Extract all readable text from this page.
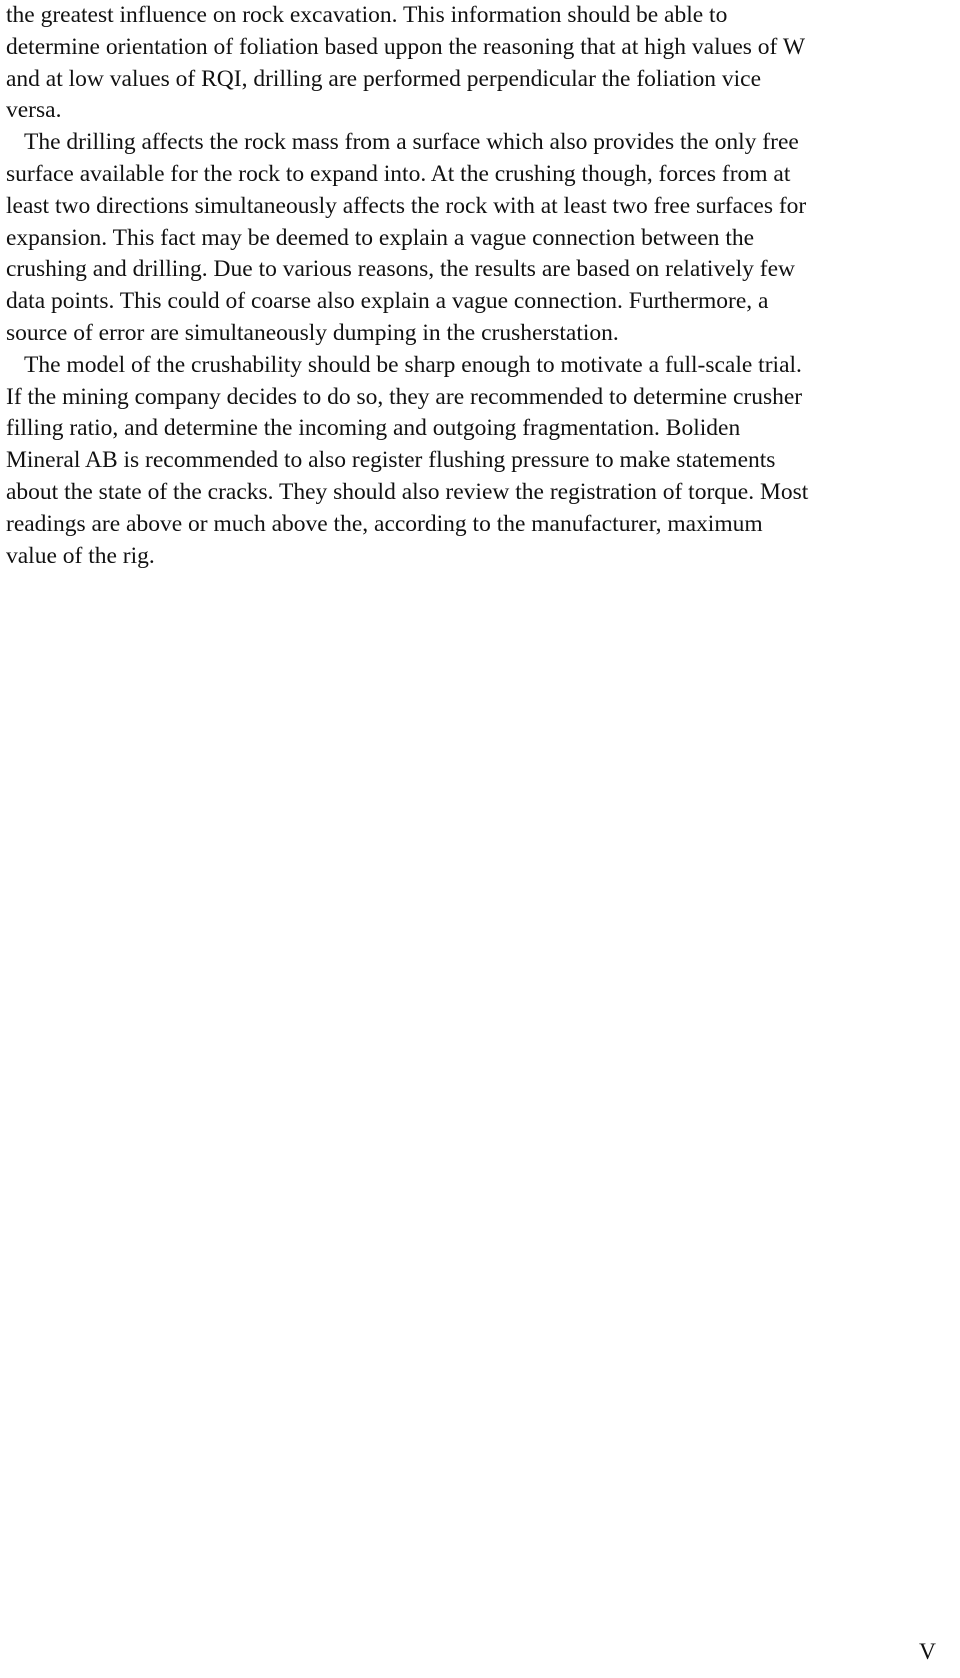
the greatest influence on rock excavation. This information should be able to
determine orientation of foliation based uppon the reasoning that at high values of W
and at low values of RQI, drilling are performed perpendicular the foliation vice
versa.
The drilling affects the rock mass from a surface which also provides the only free
surface available for the rock to expand into. At the crushing though, forces from at
least two directions simultaneously affects the rock with at least two free surfaces for
expansion. This fact may be deemed to explain a vague connection between the
crushing and drilling. Due to various reasons, the results are based on relatively few
data points. This could of coarse also explain a vague connection. Furthermore, a
source of error are simultaneously dumping in the crusherstation.
The model of the crushability should be sharp enough to motivate a full-scale trial.
If the mining company decides to do so, they are recommended to determine crusher
filling ratio, and determine the incoming and outgoing fragmentation. Boliden
Mineral AB is recommended to also register flushing pressure to make statements
about the state of the cracks. They should also review the registration of torque. Most
readings are above or much above the, according to the manufacturer, maximum
value of the rig.
V
